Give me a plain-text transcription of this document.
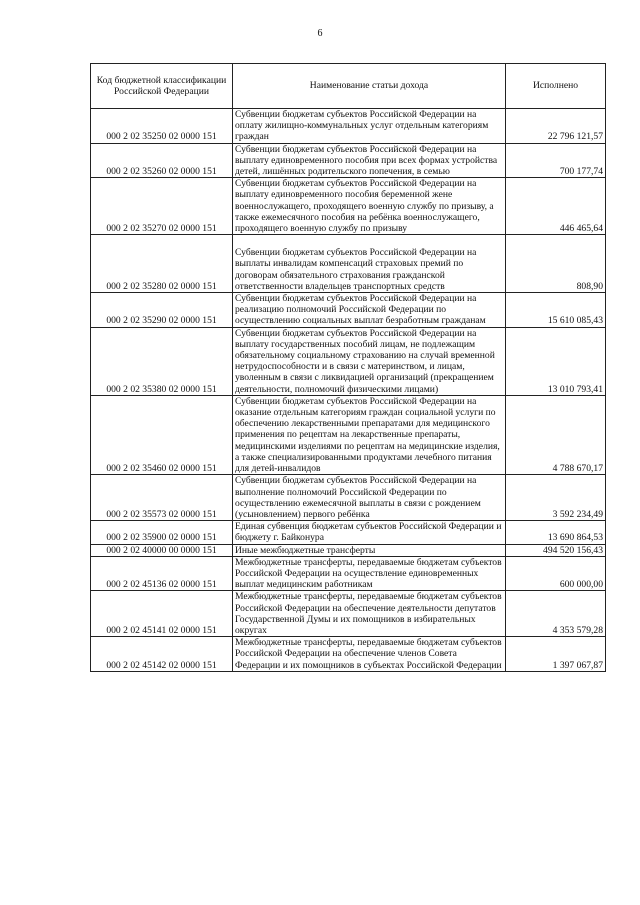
6
Код бюджетной классификации Российской Федерации	Наименование статьи дохода	Исполнено
000 2 02 35250 02 0000 151	Субвенции бюджетам субъектов Российской Федерации на оплату жилищно-коммунальных услуг отдельным категориям граждан	22 796 121,57
000 2 02 35260 02 0000 151	Субвенции бюджетам субъектов Российской Федерации на выплату единовременного пособия при всех формах устройства детей, лишённых родительского попечения, в семью	700 177,74
000 2 02 35270 02 0000 151	Субвенции бюджетам субъектов Российской Федерации на выплату единовременного пособия беременной жене военнослужащего, проходящего военную службу по призыву, а также ежемесячного пособия на ребёнка военнослужащего, проходящего военную службу по призыву	446 465,64
000 2 02 35280 02 0000 151	Субвенции бюджетам субъектов Российской Федерации на выплаты инвалидам компенсаций страховых премий по договорам обязательного страхования гражданской ответственности владельцев транспортных средств	808,90
000 2 02 35290 02 0000 151	Субвенции бюджетам субъектов Российской Федерации на реализацию полномочий Российской Федерации по осуществлению социальных выплат безработным гражданам	15 610 085,43
000 2 02 35380 02 0000 151	Субвенции бюджетам субъектов Российской Федерации на выплату государственных пособий лицам, не подлежащим обязательному социальному страхованию на случай временной нетрудоспособности и в связи с материнством, и лицам, уволенным в связи с ликвидацией организаций (прекращением деятельности, полномочий физическими лицами)	13 010 793,41
000 2 02 35460 02 0000 151	Субвенции бюджетам субъектов Российской Федерации на оказание отдельным категориям граждан социальной услуги по обеспечению лекарственными препаратами для медицинского применения по рецептам на лекарственные препараты, медицинскими изделиями по рецептам на медицинские изделия, а также специализированными продуктами лечебного питания для детей-инвалидов	4 788 670,17
000 2 02 35573 02 0000 151	Субвенции бюджетам субъектов Российской Федерации на выполнение полномочий Российской Федерации по осуществлению ежемесячной выплаты в связи с рождением (усыновлением) первого ребёнка	3 592 234,49
000 2 02 35900 02 0000 151	Единая субвенция бюджетам субъектов Российской Федерации и бюджету г. Байконура	13 690 864,53
000 2 02 40000 00 0000 151	Иные межбюджетные трансферты	494 520 156,43
000 2 02 45136 02 0000 151	Межбюджетные трансферты, передаваемые бюджетам субъектов Российской Федерации на осуществление единовременных выплат медицинским работникам	600 000,00
000 2 02 45141 02 0000 151	Межбюджетные трансферты, передаваемые бюджетам субъектов Российской Федерации на обеспечение деятельности депутатов Государственной Думы и их помощников в избирательных округах	4 353 579,28
000 2 02 45142 02 0000 151	Межбюджетные трансферты, передаваемые бюджетам субъектов Российской Федерации на обеспечение членов Совета Федерации и их помощников в субъектах Российской Федерации	1 397 067,87
